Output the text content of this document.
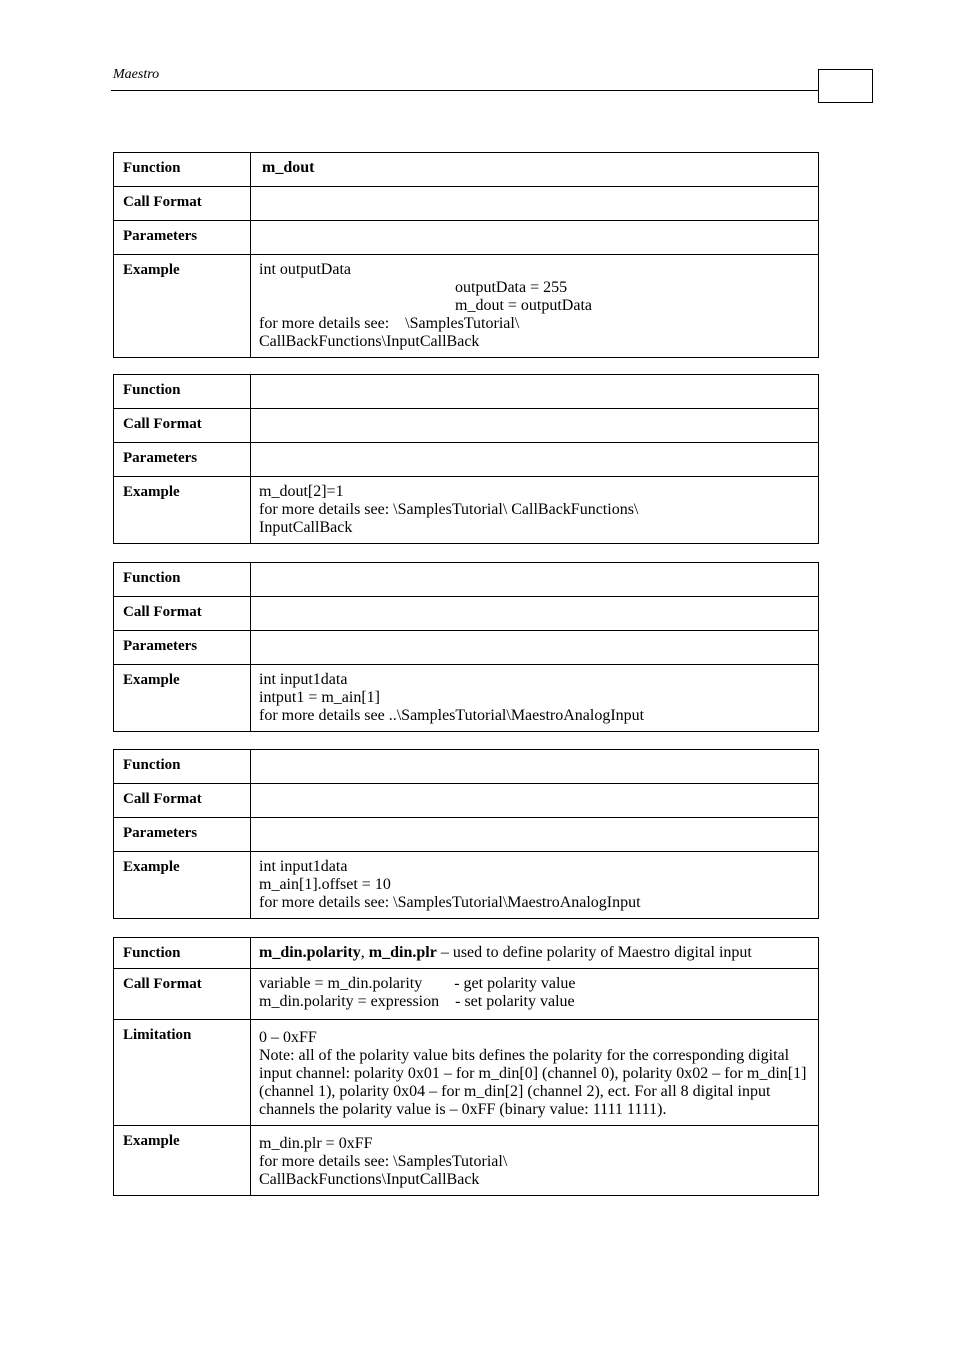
Maestro
Function	m_dout
Call Format	
Parameters	
Example	int outputData
outputData = 255
m_dout = outputData
for more details see:    \SamplesTutorial\
CallBackFunctions\InputCallBack
Function	
Call Format	
Parameters	
Example	m_dout[2]=1
for more details see: \SamplesTutorial\ CallBackFunctions\
InputCallBack
Function	
Call Format	
Parameters	
Example	int input1data
intput1 = m_ain[1]
for more details see ..\SamplesTutorial\MaestroAnalogInput
Function	
Call Format	
Parameters	
Example	int input1data
m_ain[1].offset = 10
for more details see: \SamplesTutorial\MaestroAnalogInput
Function	m_din.polarity, m_din.plr – used to define polarity of Maestro digital input
Call Format	variable = m_din.polarity        - get polarity value
m_din.polarity = expression    - set polarity value

Limitation	0 – 0xFF
Note: all of the polarity value bits defines the polarity for the corresponding digital input channel: polarity 0x01 – for m_din[0] (channel 0), polarity 0x02 – for m_din[1] (channel 1), polarity 0x04 – for m_din[2] (channel 2), ect. For all 8 digital input channels the polarity value is – 0xFF (binary value: 1111 1111).

Example	m_din.plr = 0xFF
for more details see: \SamplesTutorial\
CallBackFunctions\InputCallBack
